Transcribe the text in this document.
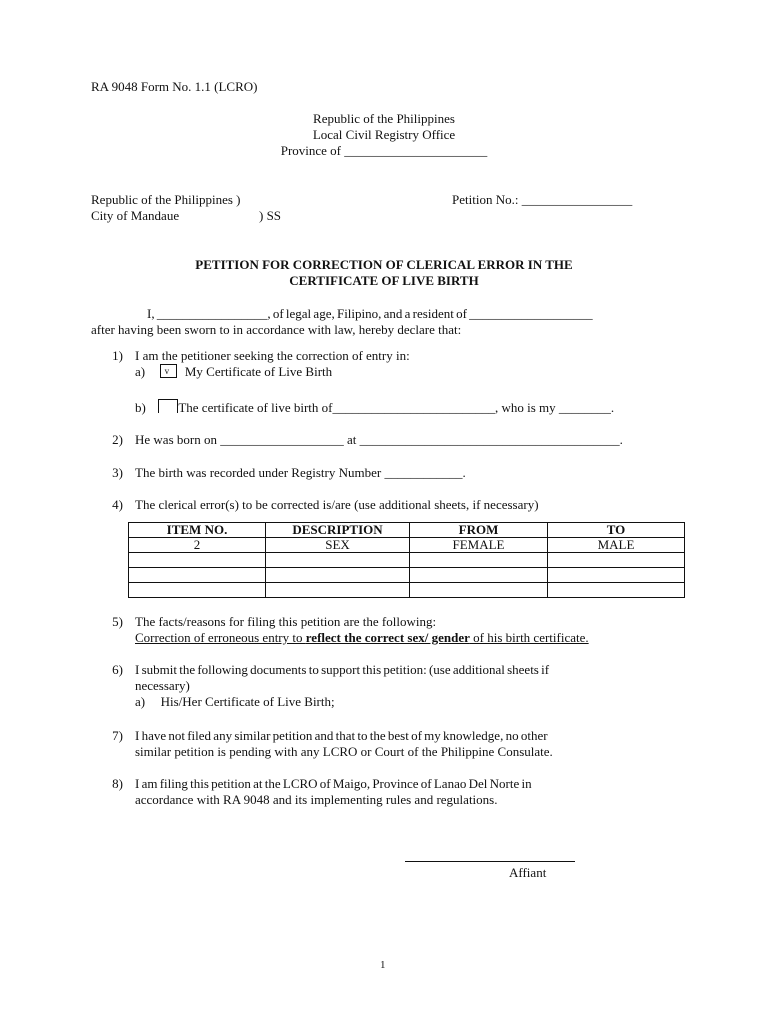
RA 9048 Form No. 1.1 (LCRO)
Republic of the Philippines
Local Civil Registry Office
Province of ______________________
Republic of the Philippines )
City of Mandaue	) SS
Petition No.: _________________
PETITION FOR CORRECTION OF CLERICAL ERROR IN THE
CERTIFICATE OF LIVE BIRTH
I, _________________, of legal age, Filipino, and a resident of ___________________
after having been sworn to in accordance with law, hereby declare that:
1) I am the petitioner seeking the correction of entry in:
a) v My Certificate of Live Birth
b)	The certificate of live birth of_________________________, who is my ________.
2) He was born on ___________________ at ________________________________________.
3) The birth was recorded under Registry Number ____________.
4) The clerical error(s) to be corrected is/are (use additional sheets, if necessary)
ITEM NO.	DESCRIPTION	FROM	TO
2	SEX	FEMALE	MALE

5) The facts/reasons for filing this petition are the following:
Correction of erroneous entry to reflect the correct sex/ gender of his birth certificate.
6) I submit the following documents to support this petition: (use additional sheets if
necessary)
a) His/Her Certificate of Live Birth;
7) I have not filed any similar petition and that to the best of my knowledge, no other
similar petition is pending with any LCRO or Court of the Philippine Consulate.
8) I am filing this petition at the LCRO of Maigo, Province of Lanao Del Norte in
accordance with RA 9048 and its implementing rules and regulations.
Affiant
1
